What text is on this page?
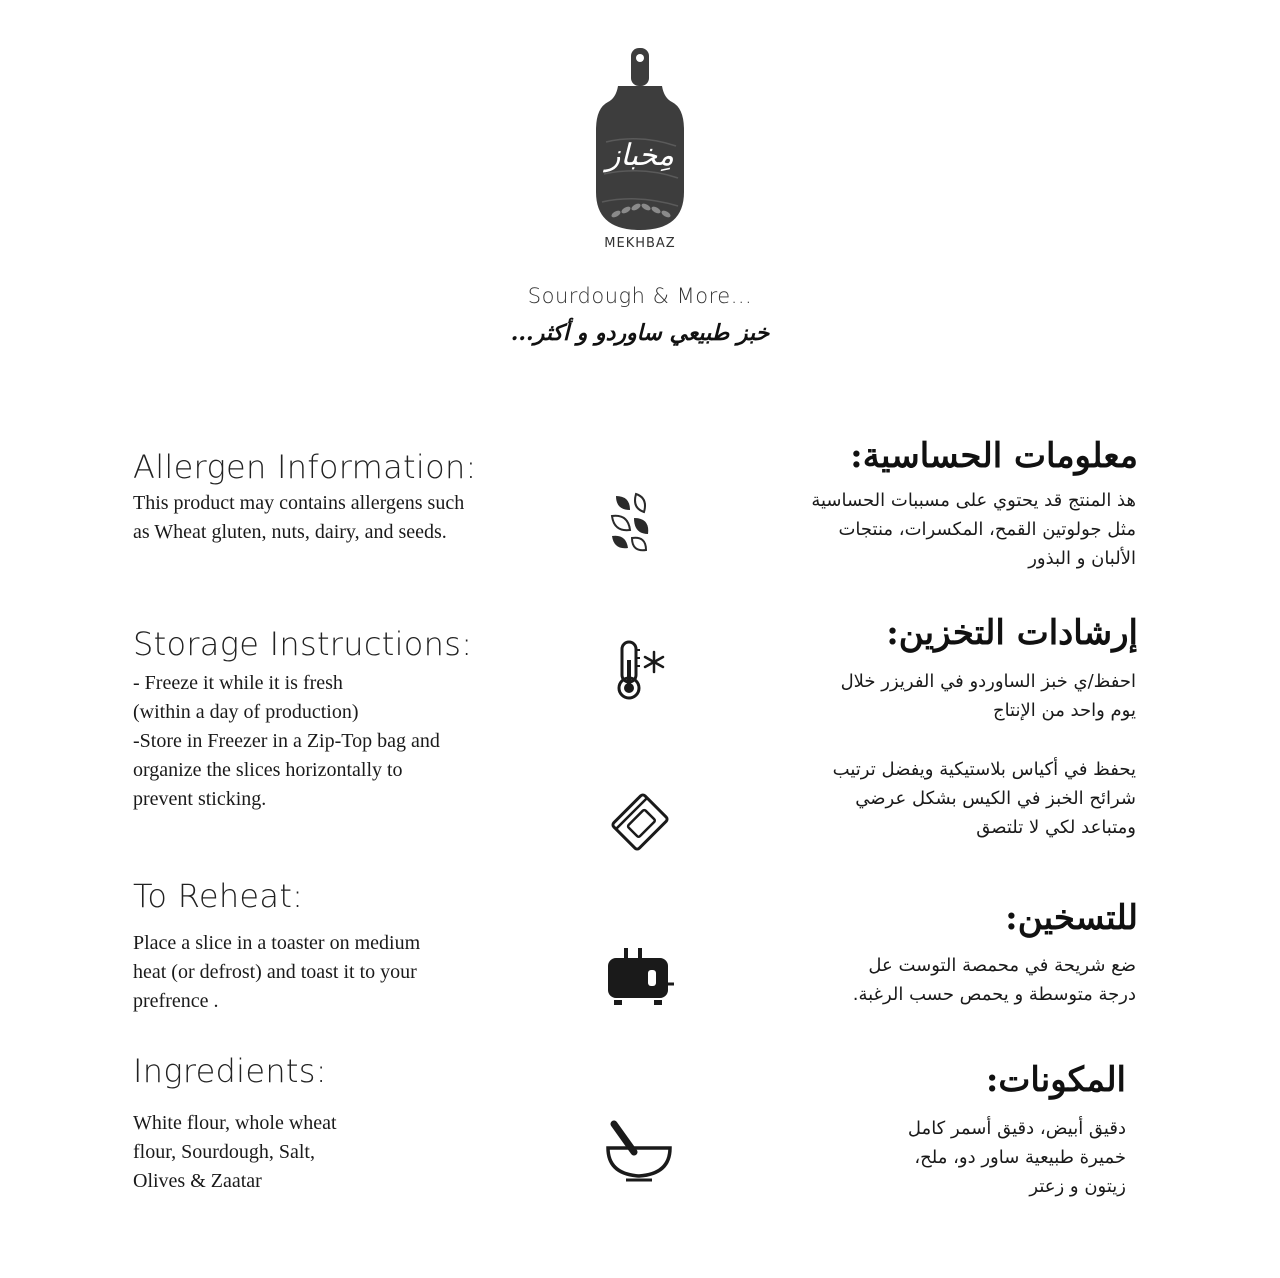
مِخباز
MEKHBAZ
Sourdough & More...
خبز طبيعي ساوردو و أكثر...
Allergen Information:
This product may contains allergens such
as Wheat gluten, nuts, dairy, and seeds.
معلومات الحساسية:
هذ المنتج قد يحتوي على مسببات الحساسية
مثل جولوتين القمح، المكسرات، منتجات
الألبان و البذور
Storage Instructions:
- Freeze it while it is fresh
(within a day of production)
-Store in Freezer in a Zip-Top bag and
organize the slices horizontally to
prevent sticking.
إرشادات التخزين:
احفظ/ي خبز الساوردو في الفريزر خلال
يوم واحد من الإنتاج
يحفظ في أكياس بلاستيكية ويفضل ترتيب
شرائح الخبز في الكيس بشكل عرضي
ومتباعد لكي لا تلتصق
To Reheat:
Place a slice in a toaster on medium
heat (or defrost) and toast it to your
prefrence .
للتسخين:
ضع شريحة في محمصة التوست عل
درجة متوسطة و يحمص حسب الرغبة.
Ingredients:
White flour, whole wheat
flour, Sourdough, Salt,
Olives & Zaatar
المكونات:
دقيق أبيض، دقيق أسمر كامل
خميرة طبيعية ساور دو، ملح،
زيتون و زعتر
